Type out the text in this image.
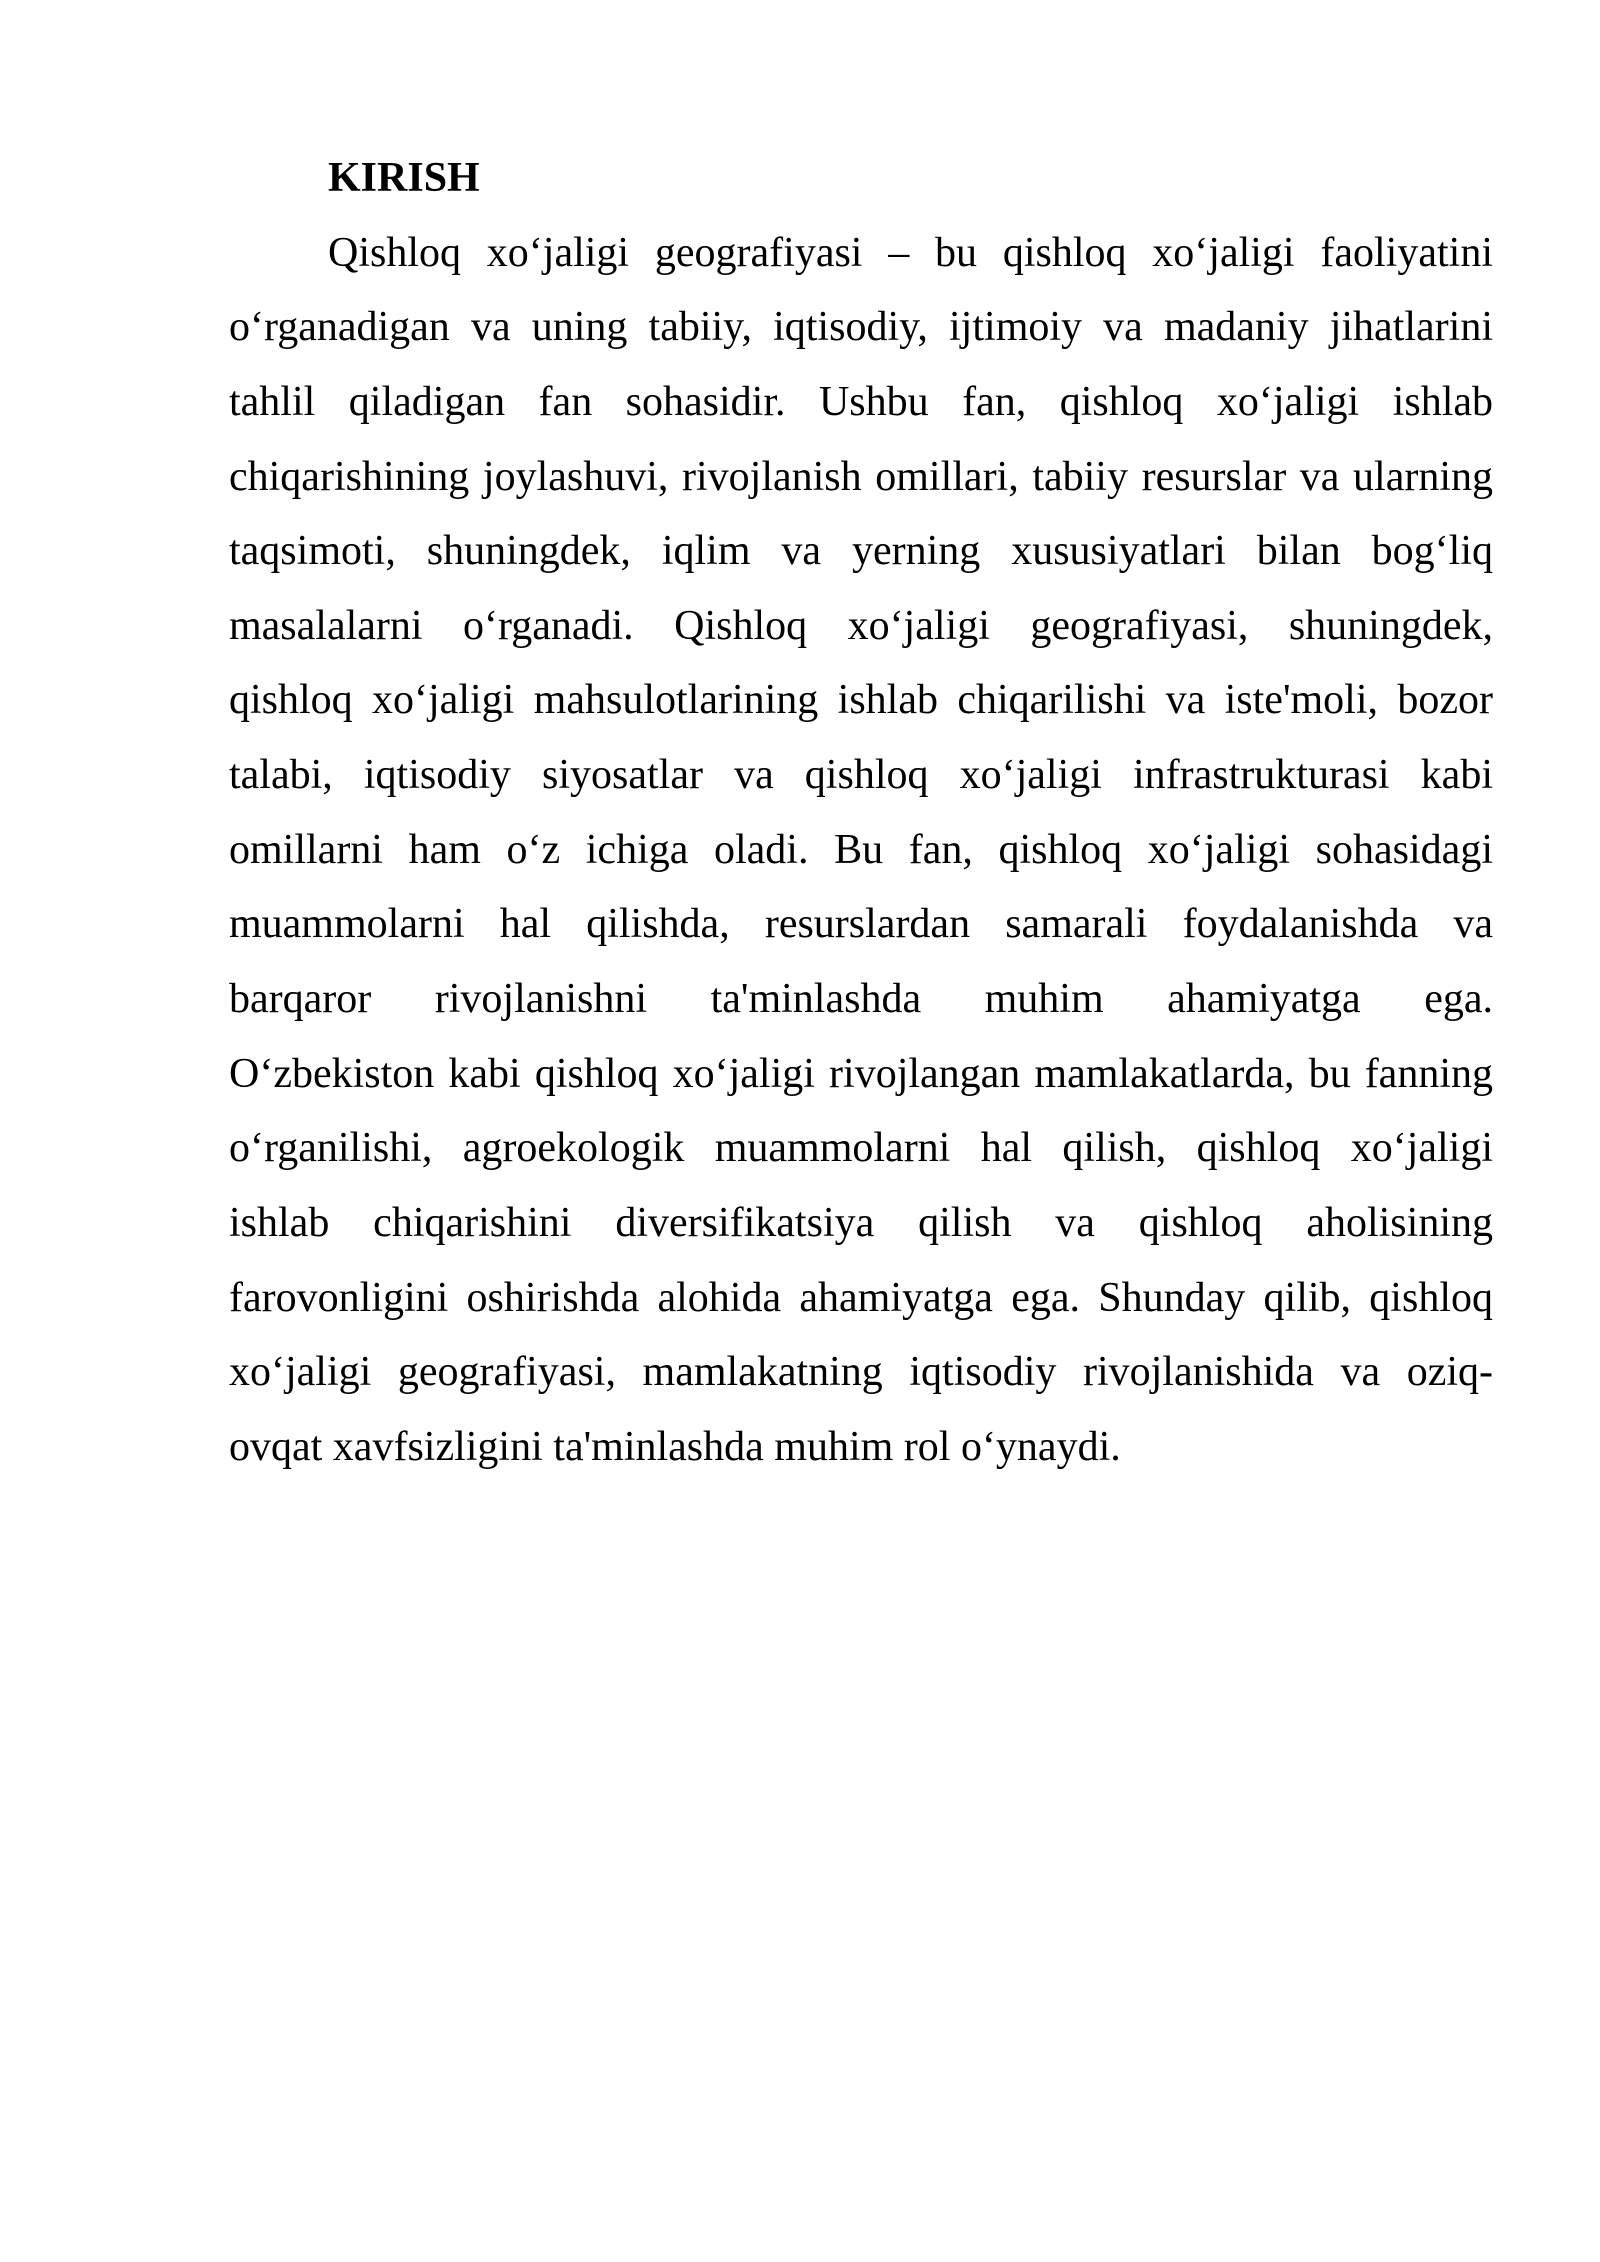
KIRISH
Qishloq xo‘jaligi geografiyasi – bu qishloq xo‘jaligi faoliyatini
o‘rganadigan va uning tabiiy, iqtisodiy, ijtimoiy va madaniy jihatlarini
tahlil qiladigan fan sohasidir. Ushbu fan, qishloq xo‘jaligi ishlab
chiqarishining joylashuvi, rivojlanish omillari, tabiiy resurslar va ularning
taqsimoti, shuningdek, iqlim va yerning xususiyatlari bilan bog‘liq
masalalarni o‘rganadi. Qishloq xo‘jaligi geografiyasi, shuningdek,
qishloq xo‘jaligi mahsulotlarining ishlab chiqarilishi va iste'moli, bozor
talabi, iqtisodiy siyosatlar va qishloq xo‘jaligi infrastrukturasi kabi
omillarni ham o‘z ichiga oladi. Bu fan, qishloq xo‘jaligi sohasidagi
muammolarni hal qilishda, resurslardan samarali foydalanishda va
barqaror rivojlanishni ta'minlashda muhim ahamiyatga ega.
O‘zbekiston kabi qishloq xo‘jaligi rivojlangan mamlakatlarda, bu fanning
o‘rganilishi, agroekologik muammolarni hal qilish, qishloq xo‘jaligi
ishlab chiqarishini diversifikatsiya qilish va qishloq aholisining
farovonligini oshirishda alohida ahamiyatga ega. Shunday qilib, qishloq
xo‘jaligi geografiyasi, mamlakatning iqtisodiy rivojlanishida va oziq-
ovqat xavfsizligini ta'minlashda muhim rol o‘ynaydi.
